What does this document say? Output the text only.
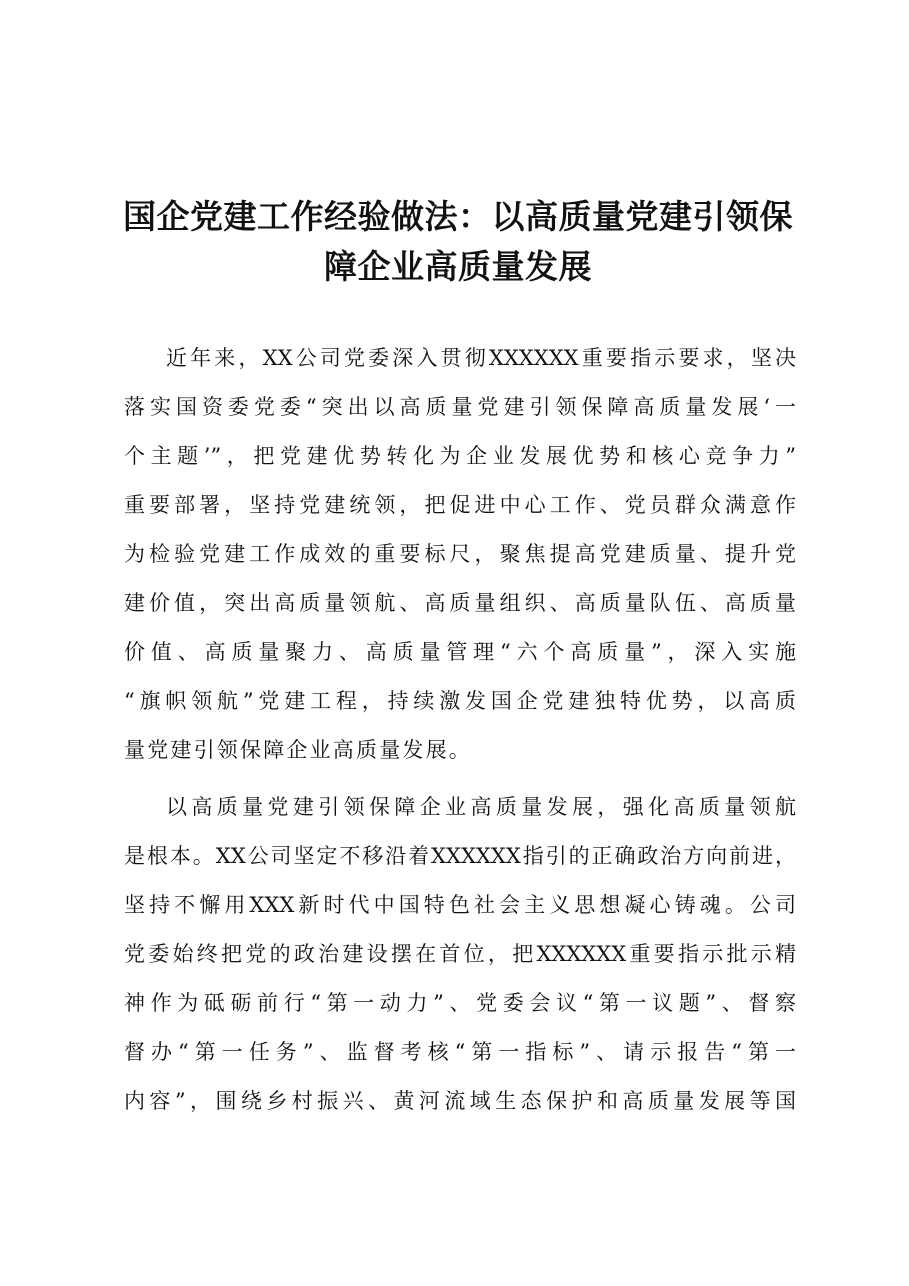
国企党建工作经验做法：以高质量党建引领保
障企业高质量发展

近年来，XX公司党委深入贯彻XXXXXX重要指示要求，坚决

落实国资委党委“突出以高质量党建引领保障高质量发展‘一

个主题’”，把党建优势转化为企业发展优势和核心竞争力”

重要部署，坚持党建统领，把促进中心工作、党员群众满意作

为检验党建工作成效的重要标尺，聚焦提高党建质量、提升党

建价值，突出高质量领航、高质量组织、高质量队伍、高质量

价值、高质量聚力、高质量管理“六个高质量”，深入实施

“旗帜领航”党建工程，持续激发国企党建独特优势，以高质

量党建引领保障企业高质量发展。

以高质量党建引领保障企业高质量发展，强化高质量领航

是根本。XX公司坚定不移沿着XXXXXX指引的正确政治方向前进，

坚持不懈用XXX新时代中国特色社会主义思想凝心铸魂。公司

党委始终把党的政治建设摆在首位，把XXXXXX重要指示批示精

神作为砥砺前行“第一动力”、党委会议“第一议题”、督察

督办“第一任务”、监督考核“第一指标”、请示报告“第一

内容”，围绕乡村振兴、黄河流域生态保护和高质量发展等国
